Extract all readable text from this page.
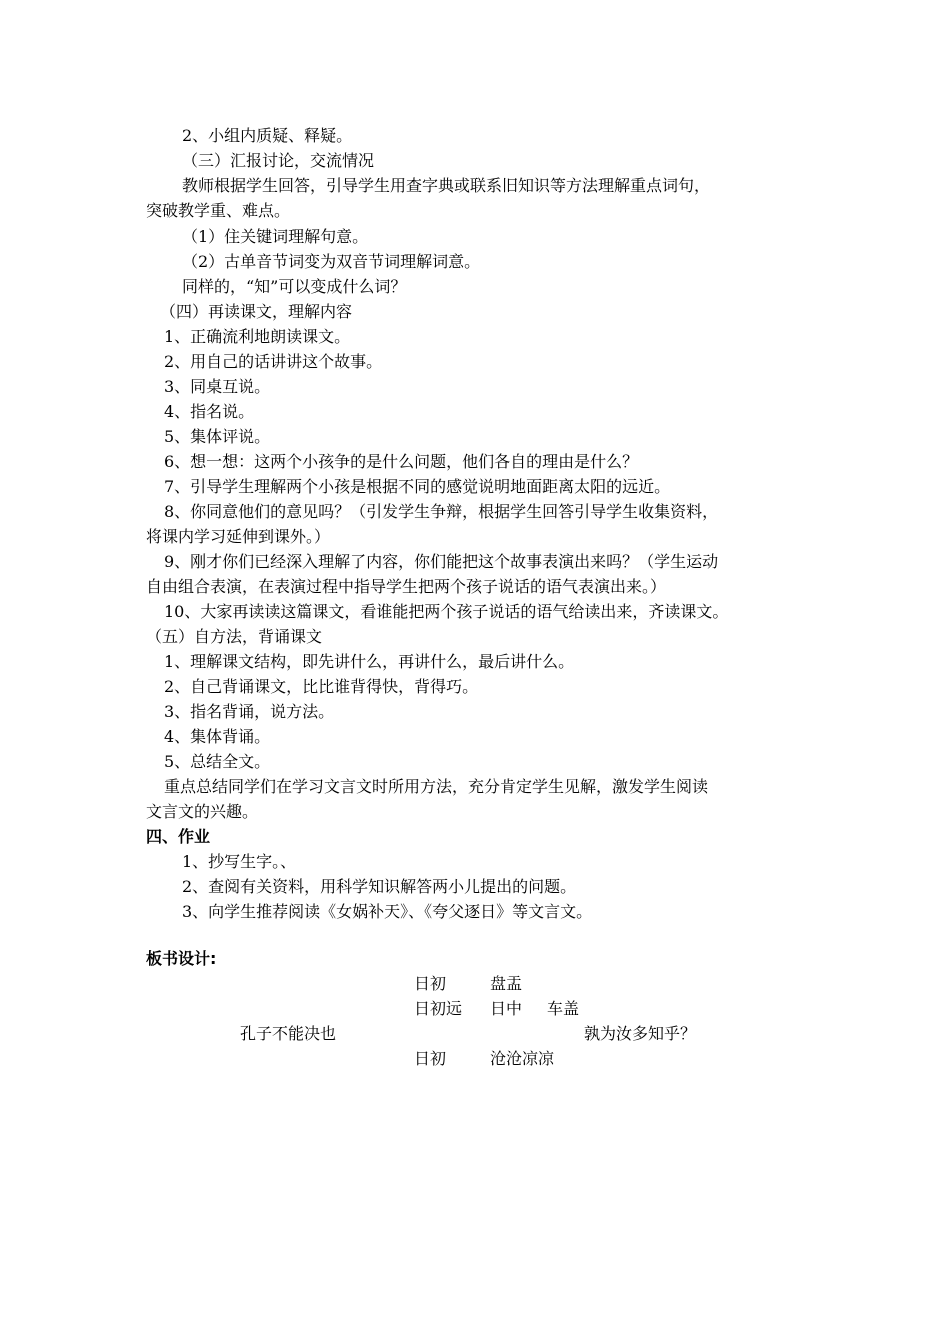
2、小组内质疑、释疑。
（三）汇报讨论，交流情况
教师根据学生回答，引导学生用查字典或联系旧知识等方法理解重点词句，
突破教学重、难点。
（1）住关键词理解句意。
（2）古单音节词变为双音节词理解词意。
同样的，“知”可以变成什么词？
（四）再读课文，理解内容
1、正确流利地朗读课文。
2、用自己的话讲讲这个故事。
3、同桌互说。
4、指名说。
5、集体评说。
6、想一想：这两个小孩争的是什么问题，他们各自的理由是什么？
7、引导学生理解两个小孩是根据不同的感觉说明地面距离太阳的远近。
8、你同意他们的意见吗？（引发学生争辩，根据学生回答引导学生收集资料，
将课内学习延伸到课外。）
9、刚才你们已经深入理解了内容，你们能把这个故事表演出来吗？（学生运动
自由组合表演，在表演过程中指导学生把两个孩子说话的语气表演出来。）
10、大家再读读这篇课文，看谁能把两个孩子说话的语气给读出来，齐读课文。
（五）自方法，背诵课文
1、理解课文结构，即先讲什么，再讲什么，最后讲什么。
2、自己背诵课文，比比谁背得快，背得巧。
3、指名背诵，说方法。
4、集体背诵。
5、总结全文。
重点总结同学们在学习文言文时所用方法，充分肯定学生见解，激发学生阅读
文言文的兴趣。
四、作业
1、抄写生字。、
2、查阅有关资料，用科学知识解答两小儿提出的问题。
3、向学生推荐阅读《女娲补天》、《夸父逐日》等文言文。
板书设计:
日初	盘盂
日初远 日中 车盖
孔子不能决也	孰为汝多知乎？
日初	沧沧凉凉
